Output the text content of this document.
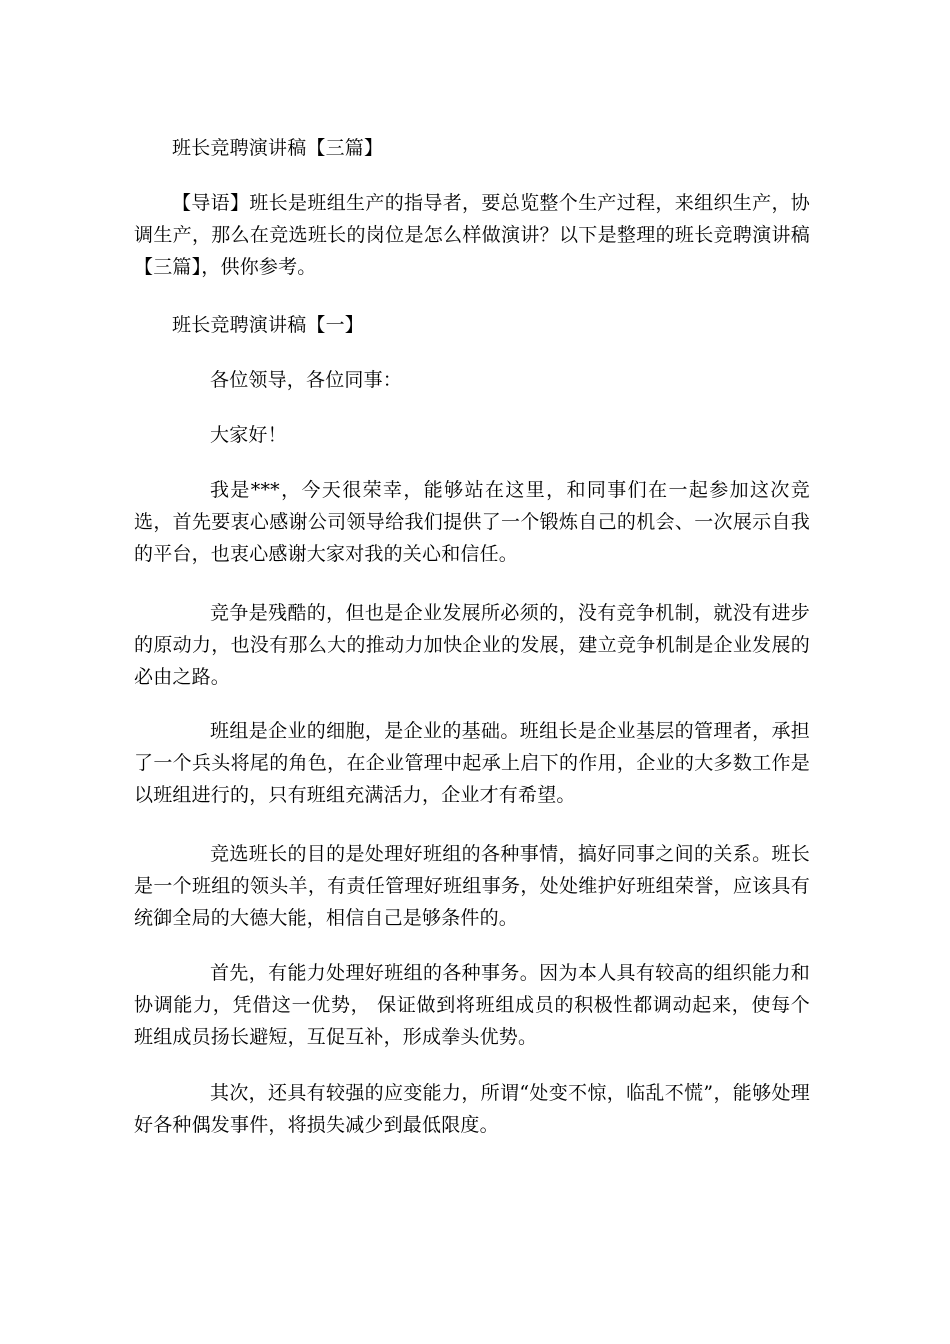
班长竞聘演讲稿【三篇】

【导语】班长是班组生产的指导者，要总览整个生产过程，来组织生产，协调生产，那么在竞选班长的岗位是怎么样做演讲？以下是整理的班长竞聘演讲稿【三篇】，供你参考。

班长竞聘演讲稿【一】

各位领导，各位同事：

大家好！

我是***，今天很荣幸，能够站在这里，和同事们在一起参加这次竞选，首先要衷心感谢公司领导给我们提供了一个锻炼自己的机会、一次展示自我的平台，也衷心感谢大家对我的关心和信任。

竞争是残酷的，但也是企业发展所必须的，没有竞争机制，就没有进步的原动力，也没有那么大的推动力加快企业的发展，建立竞争机制是企业发展的必由之路。

班组是企业的细胞，是企业的基础。班组长是企业基层的管理者，承担了一个兵头将尾的角色，在企业管理中起承上启下的作用，企业的大多数工作是以班组进行的，只有班组充满活力，企业才有希望。

竞选班长的目的是处理好班组的各种事情，搞好同事之间的关系。班长是一个班组的领头羊，有责任管理好班组事务，处处维护好班组荣誉，应该具有统御全局的大德大能，相信自己是够条件的。

首先，有能力处理好班组的各种事务。因为本人具有较高的组织能力和协调能力，凭借这一优势， 保证做到将班组成员的积极性都调动起来，使每个班组成员扬长避短，互促互补，形成拳头优势。

其次，还具有较强的应变能力，所谓“处变不惊，临乱不慌”，能够处理好各种偶发事件，将损失减少到最低限度。
